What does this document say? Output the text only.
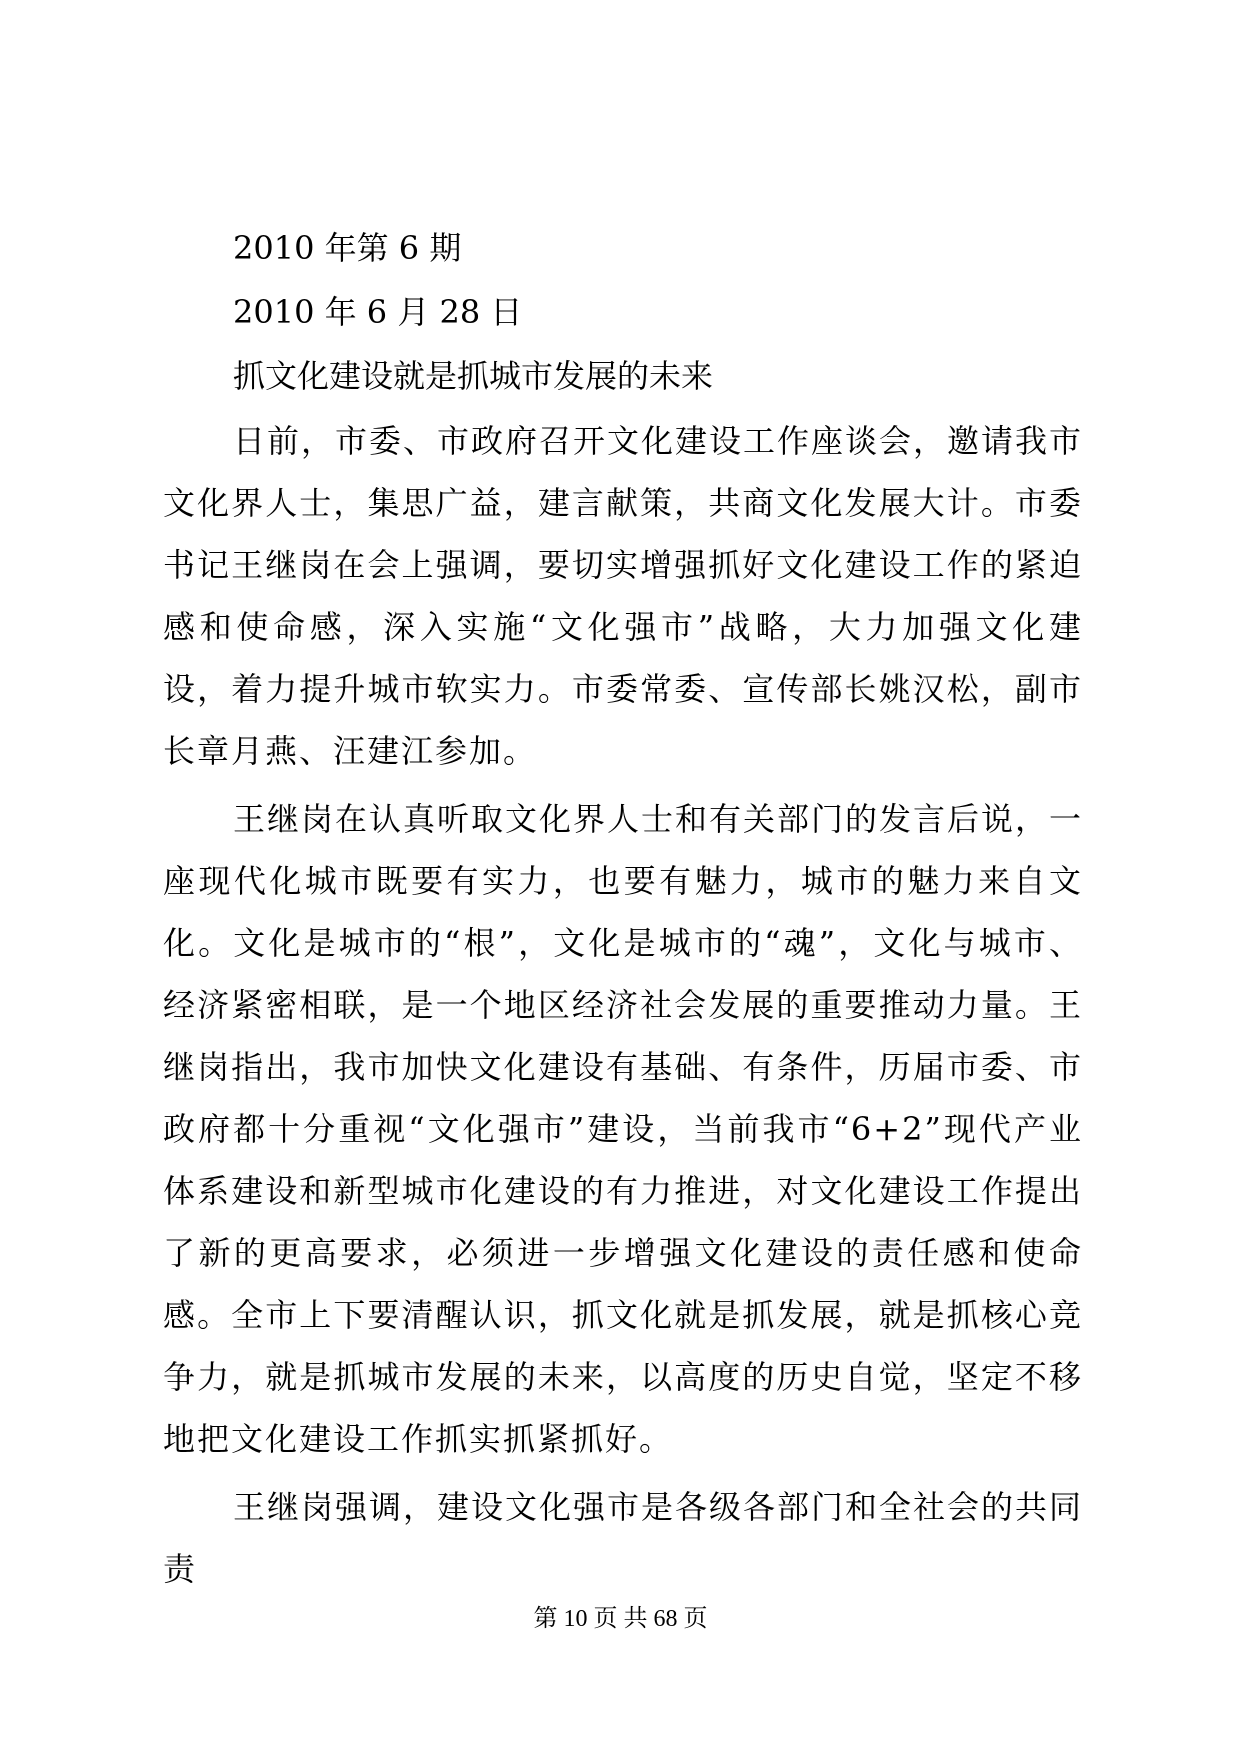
2010 年第 6 期
2010 年 6 月 28 日
抓文化建设就是抓城市发展的未来

日前，市委、市政府召开文化建设工作座谈会，邀请我市文化界人士，集思广益，建言献策，共商文化发展大计。市委书记王继岗在会上强调，要切实增强抓好文化建设工作的紧迫感和使命感，深入实施“文化强市”战略，大力加强文化建设，着力提升城市软实力。市委常委、宣传部长姚汉松，副市长章月燕、汪建江参加。

王继岗在认真听取文化界人士和有关部门的发言后说，一座现代化城市既要有实力，也要有魅力，城市的魅力来自文化。文化是城市的“根”，文化是城市的“魂”，文化与城市、经济紧密相联，是一个地区经济社会发展的重要推动力量。王继岗指出，我市加快文化建设有基础、有条件，历届市委、市政府都十分重视“文化强市”建设，当前我市“6+2”现代产业体系建设和新型城市化建设的有力推进，对文化建设工作提出了新的更高要求，必须进一步增强文化建设的责任感和使命感。全市上下要清醒认识，抓文化就是抓发展，就是抓核心竞争力，就是抓城市发展的未来，以高度的历史自觉，坚定不移地把文化建设工作抓实抓紧抓好。

王继岗强调，建设文化强市是各级各部门和全社会的共同责

第 10 页 共 68 页
